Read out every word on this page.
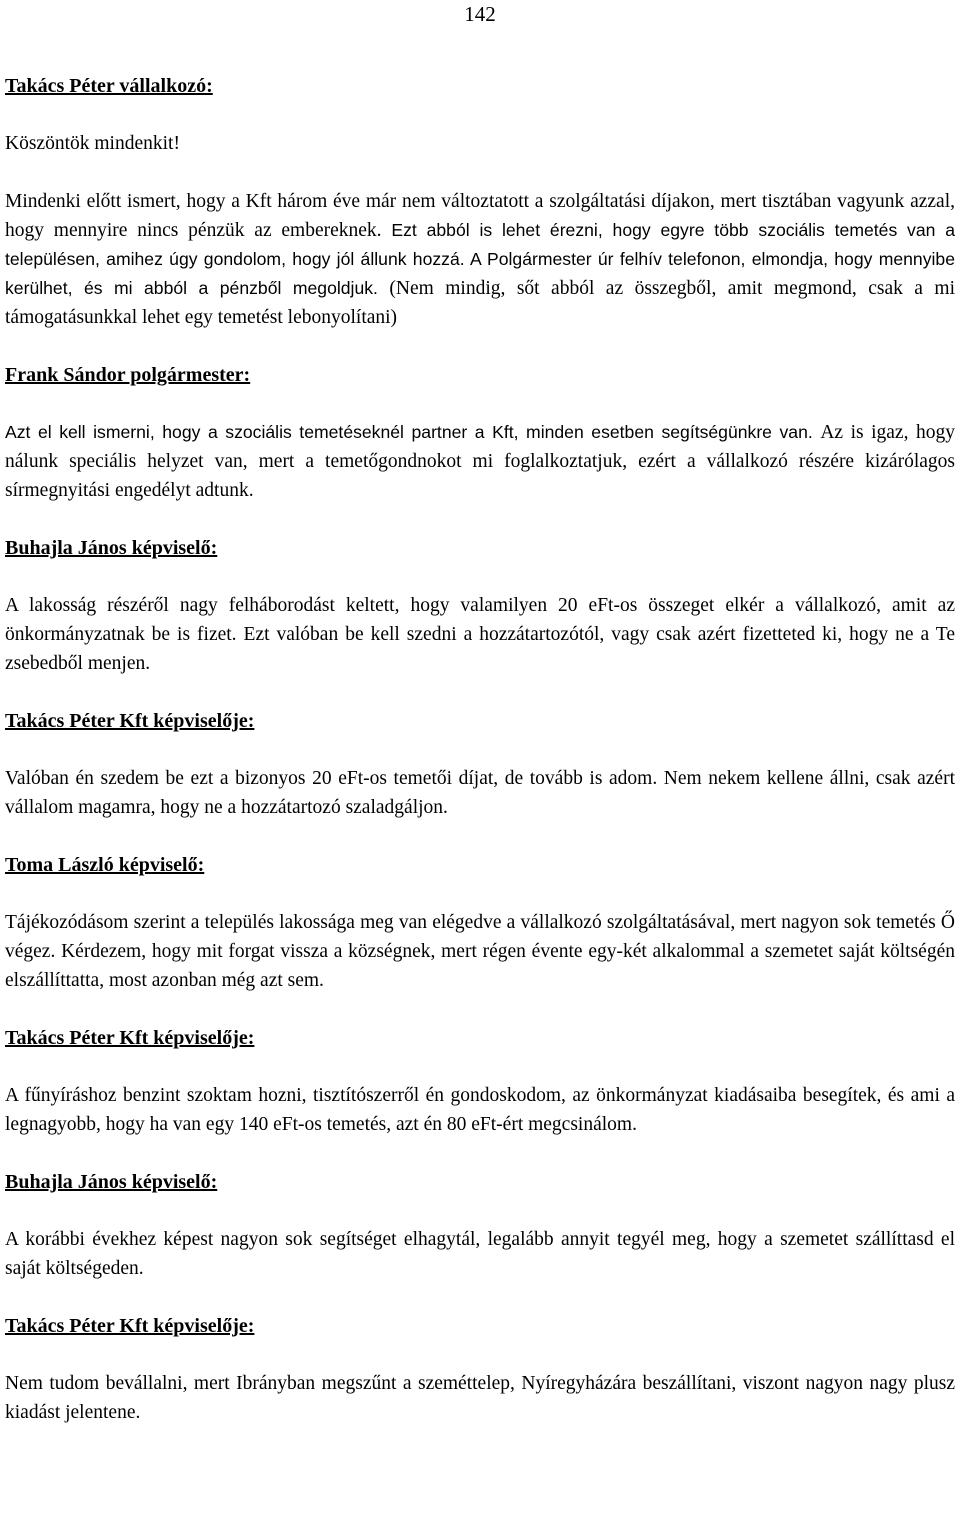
142
Takács Péter vállalkozó:
Köszöntök mindenkit!
Mindenki előtt ismert, hogy a Kft három éve már nem változtatott a szolgáltatási díjakon, mert tisztában vagyunk azzal, hogy mennyire nincs pénzük az embereknek. Ezt abból is lehet érezni, hogy egyre több szociális temetés van a településen, amihez úgy gondolom, hogy jól állunk hozzá. A Polgármester úr felhív telefonon, elmondja, hogy mennyibe kerülhet, és mi abból a pénzből megoldjuk. (Nem mindig, sőt abból az összegből, amit megmond, csak a mi támogatásunkkal lehet egy temetést lebonyolítani)
Frank Sándor polgármester:
Azt el kell ismerni, hogy a szociális temetéseknél partner a Kft, minden esetben segítségünkre van. Az is igaz, hogy nálunk speciális helyzet van, mert a temetőgondnokot mi foglalkoztatjuk, ezért a vállalkozó részére kizárólagos sírmegnyitási engedélyt adtunk.
Buhajla János képviselő:
A lakosság részéről nagy felháborodást keltett, hogy valamilyen 20 eFt-os összeget elkér a vállalkozó, amit az önkormányzatnak be is fizet. Ezt valóban be kell szedni a hozzátartozótól, vagy csak azért fizetteted ki, hogy ne a Te zsebedből menjen.
Takács Péter Kft képviselője:
Valóban én szedem be ezt a bizonyos 20 eFt-os temetői díjat, de tovább is adom. Nem nekem kellene állni, csak azért vállalom magamra, hogy ne a hozzátartozó szaladgáljon.
Toma László képviselő:
Tájékozódásom szerint a település lakossága meg van elégedve a vállalkozó szolgáltatásával, mert nagyon sok temetés Ő végez. Kérdezem, hogy mit forgat vissza a községnek, mert régen évente egy-két alkalommal a szemetet saját költségén elszállíttatta, most azonban még azt sem.
Takács Péter Kft képviselője:
A fűnyíráshoz benzint szoktam hozni, tisztítószerről én gondoskodom, az önkormányzat kiadásaiba besegítek, és ami a legnagyobb, hogy ha van egy 140 eFt-os temetés, azt én 80 eFt-ért megcsinálom.
Buhajla János képviselő:
A korábbi évekhez képest nagyon sok segítséget elhagytál, legalább annyit tegyél meg, hogy a szemetet szállíttasd el saját költségeden.
Takács Péter Kft képviselője:
Nem tudom bevállalni, mert Ibrányban megszűnt a szeméttelep, Nyíregyházára beszállítani, viszont nagyon nagy plusz kiadást jelentene.
